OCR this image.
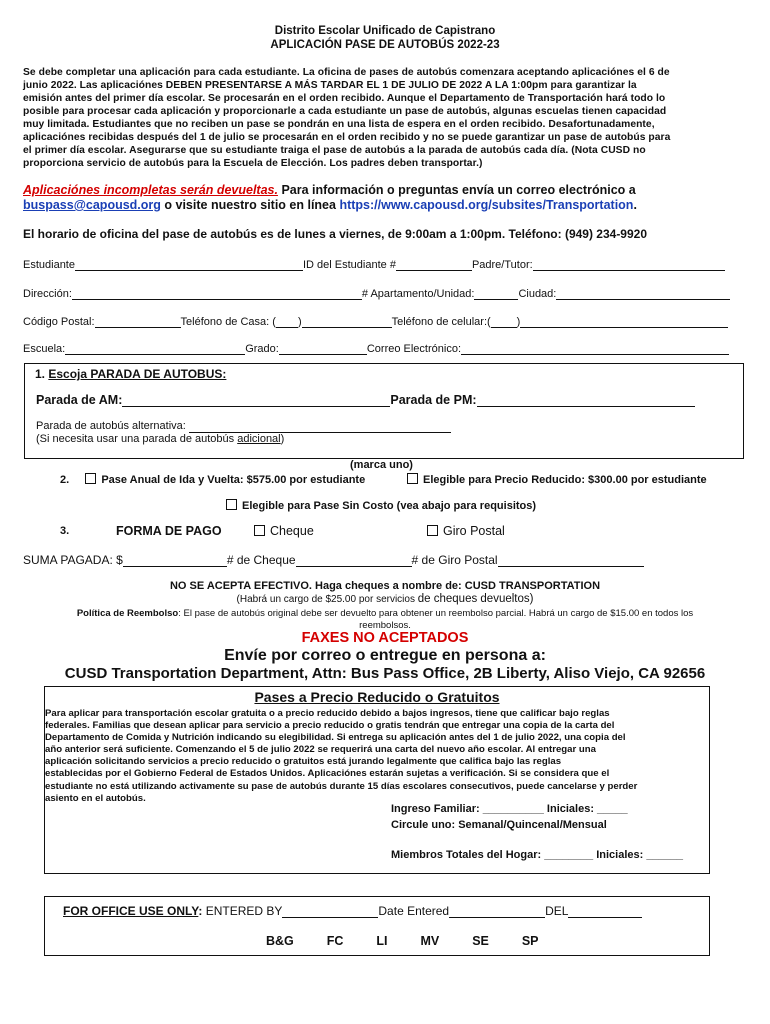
Distrito Escolar Unificado de Capistrano
APLICACIÓN PASE DE AUTOBÚS 2022-23
Se debe completar una aplicación para cada estudiante. La oficina de pases de autobús comenzara aceptando aplicaciónes el 6 de
junio 2022. Las aplicaciónes DEBEN PRESENTARSE A MÁS TARDAR EL 1 DE JULIO DE 2022 A LA 1:00pm para garantizar la
emisión antes del primer día escolar. Se procesarán en el orden recibido. Aunque el Departamento de Transportación hará todo lo
posible para procesar cada aplicación y proporcionarle a cada estudiante un pase de autobús, algunas escuelas tienen capacidad
muy limitada. Estudiantes que no reciben un pase se pondrán en una lista de espera en el orden recibido. Desafortunadamente,
aplicaciónes recibidas después del 1 de julio se procesarán en el orden recibido y no se puede garantizar un pase de autobús para
el primer día escolar. Asegurarse que su estudiante traiga el pase de autobús a la parada de autobús cada día. (Nota CUSD no
proporciona servicio de autobús para la Escuela de Elección. Los padres deben transportar.)
Aplicaciónes incompletas serán devueltas. Para información o preguntas envía un correo electrónico a
buspass@capousd.org o visite nuestro sitio en línea https://www.capousd.org/subsites/Transportation.
El horario de oficina del pase de autobús es de lunes a viernes, de 9:00am a 1:00pm. Teléfono: (949) 234-9920
Estudiante	ID del Estudiante #	Padre/Tutor:
Dirección:	# Apartamento/Unidad:	Ciudad:
Código Postal:	Teléfono de Casa: ( )	Teléfono de celular:( )
Escuela:	Grado:	Correo Electrónico:
1. Escoja PARADA DE AUTOBUS:
Parada de AM:	Parada de PM:
Parada de autobús alternativa:
(Si necesita usar una parada de autobús adicional)
(marca uno)
2.	Pase Anual de Ida y Vuelta: $575.00 por estudiante	Elegible para Precio Reducido: $300.00 por estudiante
Elegible para Pase Sin Costo (vea abajo para requisitos)
3.	FORMA DE PAGO	Cheque	Giro Postal
SUMA PAGADA: $	# de Cheque	# de Giro Postal
NO SE ACEPTA EFECTIVO. Haga cheques a nombre de: CUSD TRANSPORTATION
(Habrá un cargo de $25.00 por servicios de cheques devueltos)
Política de Reembolso: El pase de autobús original debe ser devuelto para obtener un reembolso parcial. Habrá un cargo de $15.00 en todos los
reembolsos.
FAXES NO ACEPTADOS
Envíe por correo o entregue en persona a:
CUSD Transportation Department, Attn: Bus Pass Office, 2B Liberty, Aliso Viejo, CA 92656
Pases a Precio Reducido o Gratuitos
Para aplicar para transportación escolar gratuita o a precio reducido debido a bajos ingresos, tiene que calificar bajo reglas
federales. Familias que desean aplicar para servicio a precio reducido o gratis tendrán que entregar una copia de la carta del
Departamento de Comida y Nutrición indicando su elegibilidad. Si entrega su aplicación antes del 1 de julio 2022, una copia del
año anterior será suficiente. Comenzando el 5 de julio 2022 se requerirá una carta del nuevo año escolar. Al entregar una
aplicación solicitando servicios a precio reducido o gratuitos está jurando legalmente que califica bajo las reglas
establecidas por el Gobierno Federal de Estados Unidos. Aplicaciónes estarán sujetas a verificación. Si se considera que el
estudiante no está utilizando activamente su pase de autobús durante 15 días escolares consecutivos, puede cancelarse y perder
asiento en el autobús.
Ingreso Familiar: __________ Iniciales: _____
Circule uno: Semanal/Quincenal/Mensual
Miembros Totales del Hogar: ________ Iniciales: ______
FOR OFFICE USE ONLY: ENTERED BY	Date Entered	DEL
B&G	FC	LI	MV	SE	SP
